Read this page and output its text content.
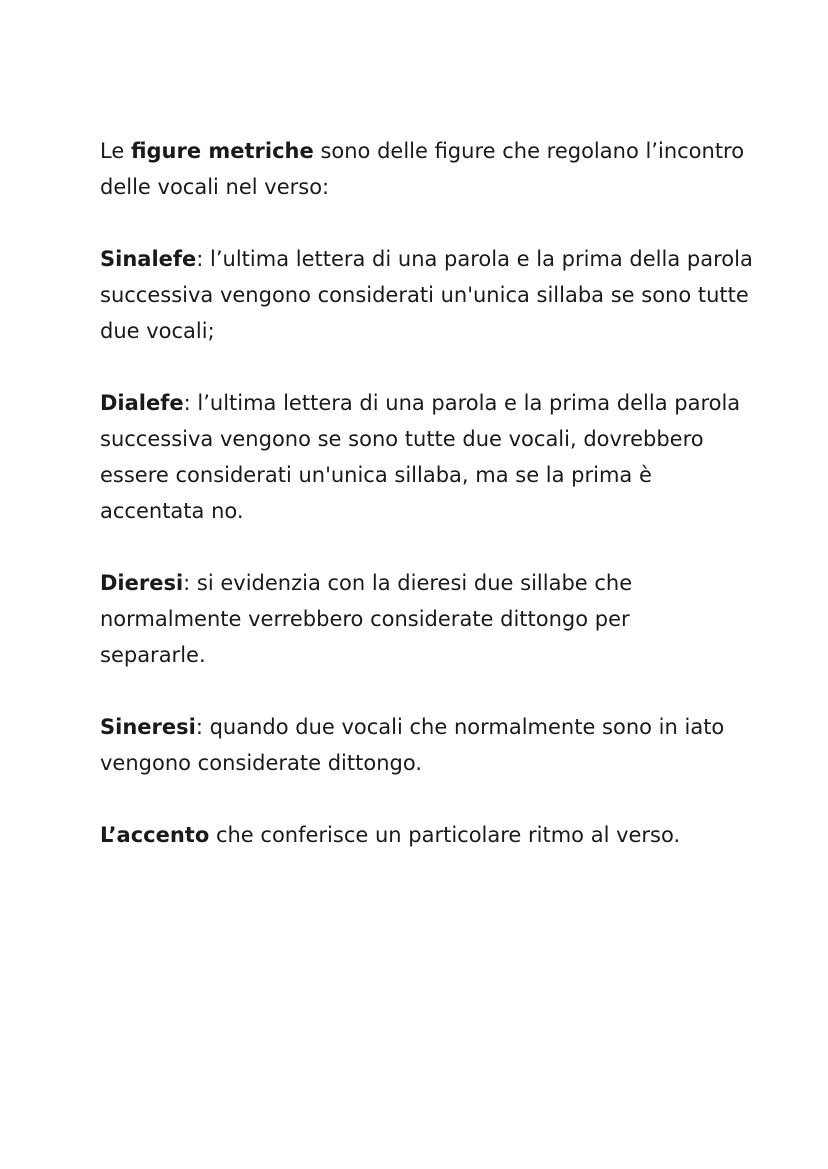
Le figure metriche sono delle figure che regolano l’incontro
delle vocali nel verso:

Sinalefe: l’ultima lettera di una parola e la prima della parola
successiva vengono considerati un'unica sillaba se sono tutte
due vocali;

Dialefe: l’ultima lettera di una parola e la prima della parola
successiva vengono se sono tutte due vocali, dovrebbero
essere considerati un'unica sillaba, ma se la prima è
accentata no.

Dieresi: si evidenzia con la dieresi due sillabe che
normalmente verrebbero considerate dittongo per
separarle.

Sineresi: quando due vocali che normalmente sono in iato
vengono considerate dittongo.

L’accento che conferisce un particolare ritmo al verso.
